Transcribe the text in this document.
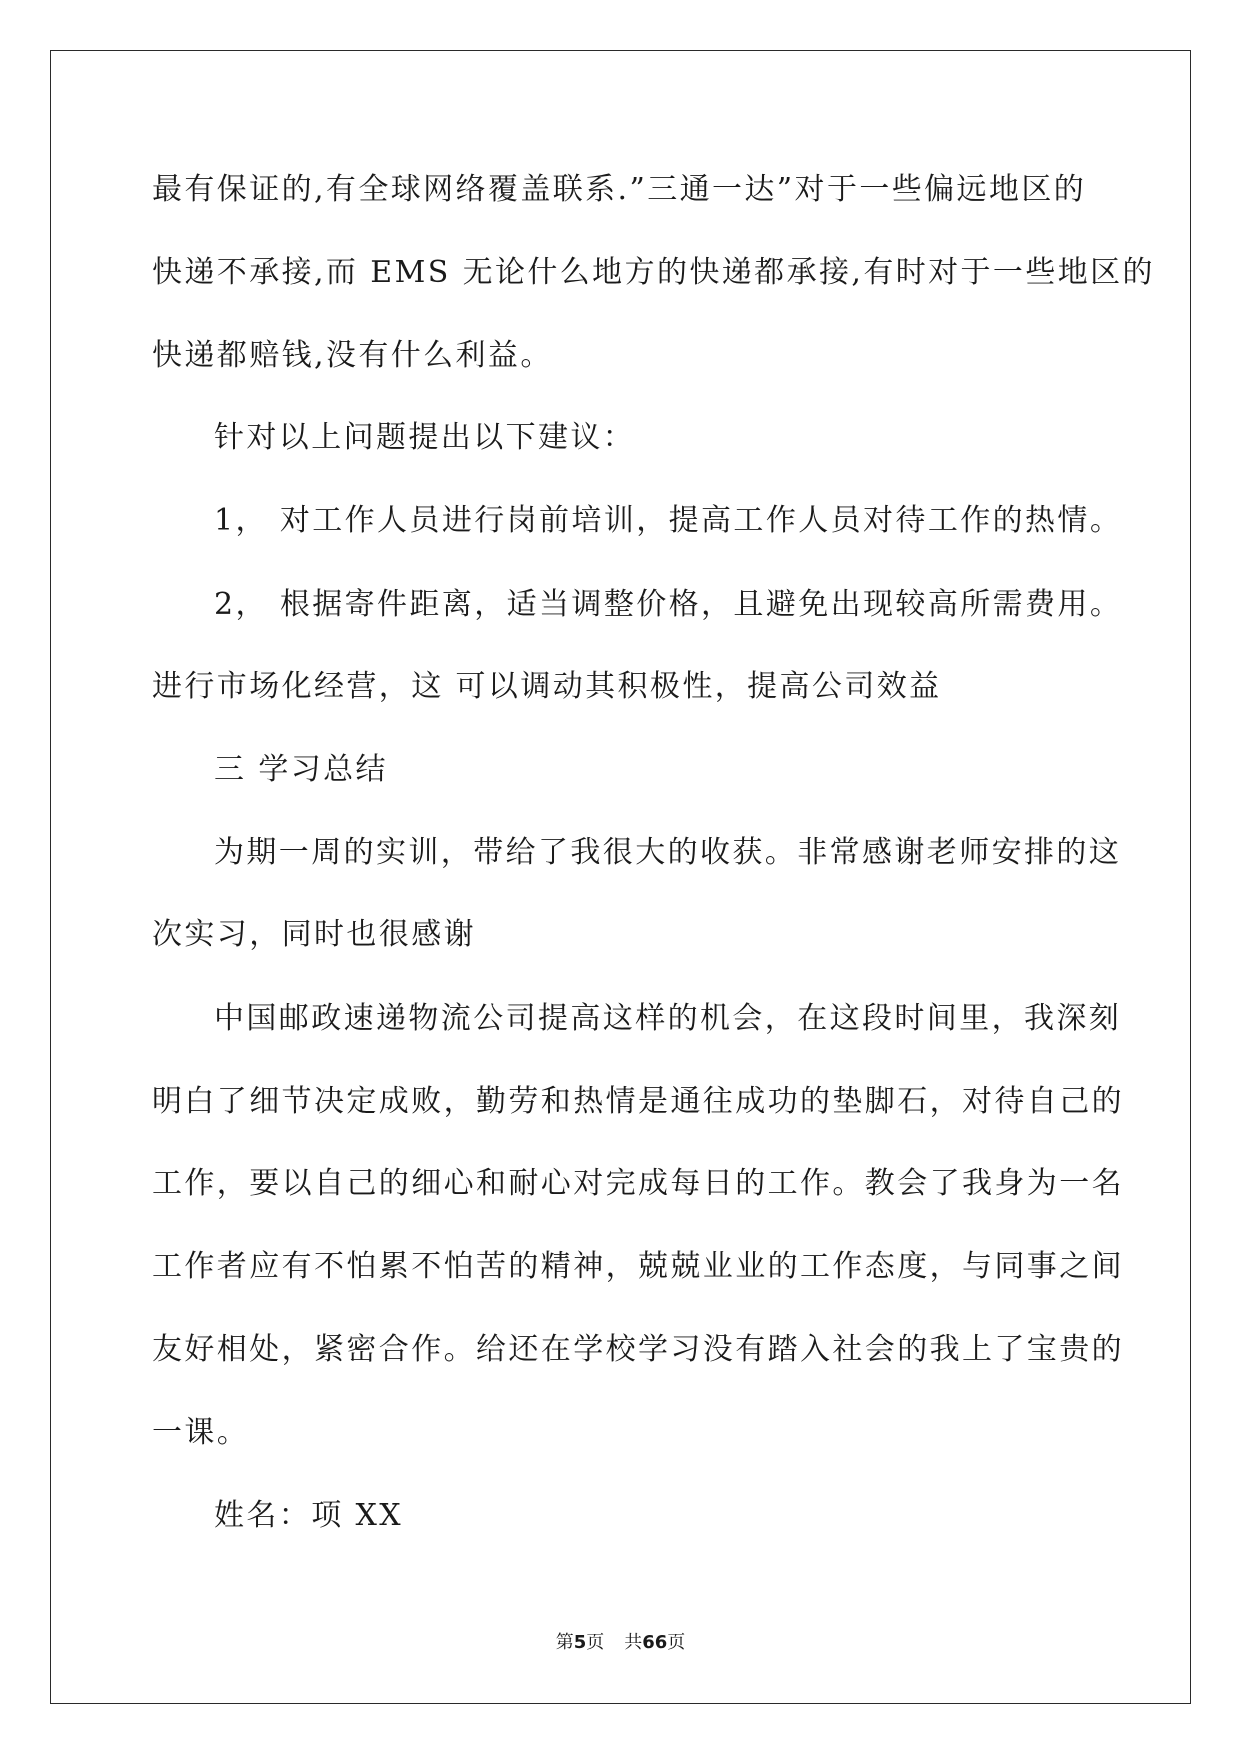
最有保证的,有全球网络覆盖联系.”三通一达”对于一些偏远地区的
快递不承接,而 EMS 无论什么地方的快递都承接,有时对于一些地区的
快递都赔钱,没有什么利益。
针对以上问题提出以下建议：
1， 对工作人员进行岗前培训，提高工作人员对待工作的热情。
2， 根据寄件距离，适当调整价格，且避免出现较高所需费用。
进行市场化经营，这 可以调动其积极性，提高公司效益
三 学习总结
为期一周的实训，带给了我很大的收获。非常感谢老师安排的这
次实习，同时也很感谢
中国邮政速递物流公司提高这样的机会，在这段时间里，我深刻
明白了细节决定成败，勤劳和热情是通往成功的垫脚石，对待自己的
工作，要以自己的细心和耐心对完成每日的工作。教会了我身为一名
工作者应有不怕累不怕苦的精神，兢兢业业的工作态度，与同事之间
友好相处，紧密合作。给还在学校学习没有踏入社会的我上了宝贵的
一课。
姓名：项 XX
第5页 共66页
